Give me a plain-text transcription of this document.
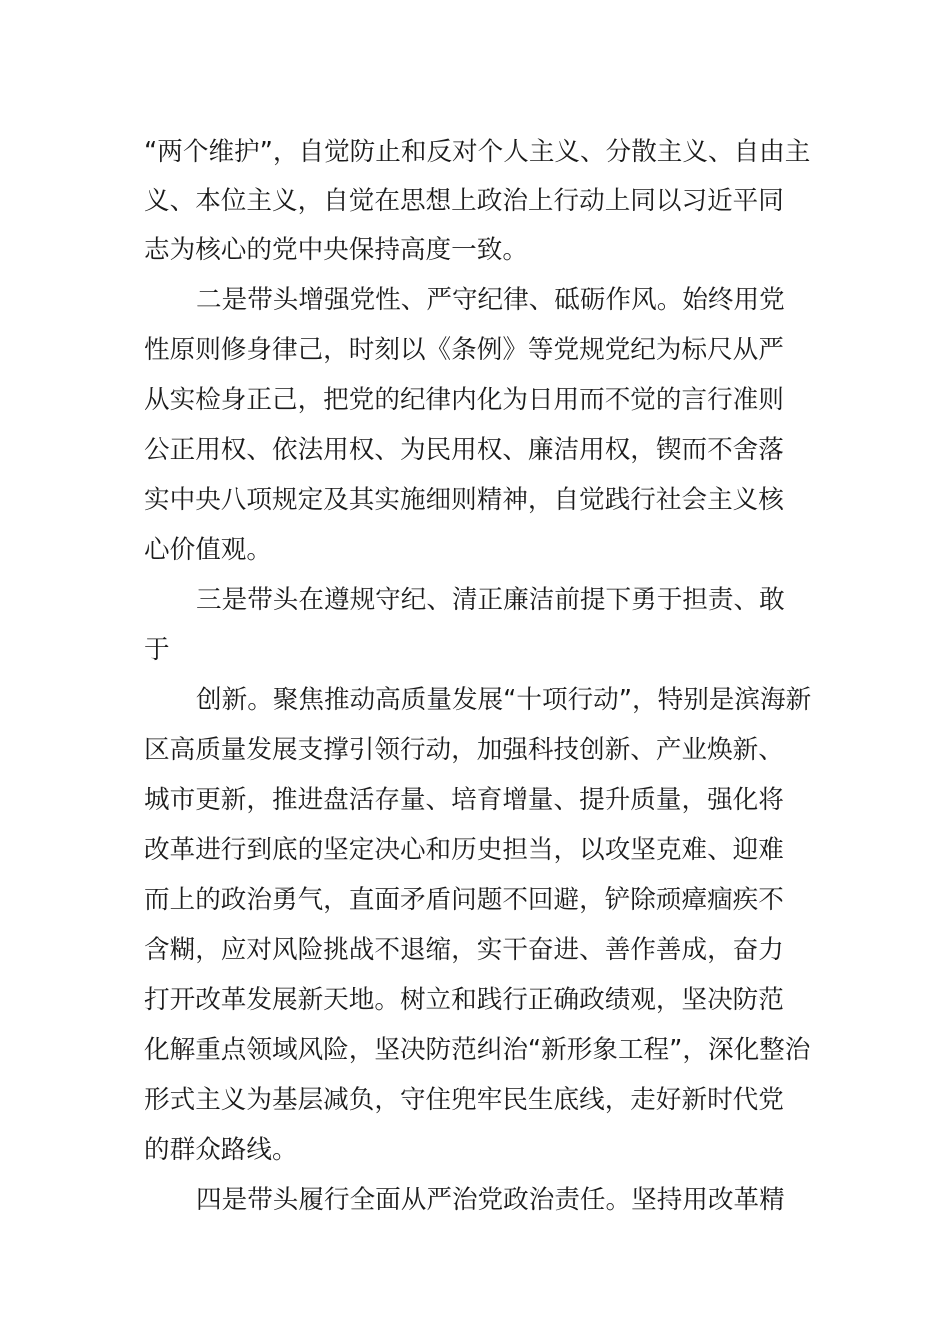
“两个维护”，自觉防止和反对个人主义、分散主义、自由主
义、本位主义，自觉在思想上政治上行动上同以习近平同
志为核心的党中央保持高度一致。
二是带头增强党性、严守纪律、砥砺作风。始终用党
性原则修身律己，时刻以《条例》等党规党纪为标尺从严
从实检身正己，把党的纪律内化为日用而不觉的言行准则
公正用权、依法用权、为民用权、廉洁用权，锲而不舍落
实中央八项规定及其实施细则精神，自觉践行社会主义核
心价值观。
三是带头在遵规守纪、清正廉洁前提下勇于担责、敢
于
创新。聚焦推动高质量发展“十项行动”，特别是滨海新
区高质量发展支撑引领行动，加强科技创新、产业焕新、
城市更新，推进盘活存量、培育增量、提升质量，强化将
改革进行到底的坚定决心和历史担当，以攻坚克难、迎难
而上的政治勇气，直面矛盾问题不回避，铲除顽瘴痼疾不
含糊，应对风险挑战不退缩，实干奋进、善作善成，奋力
打开改革发展新天地。树立和践行正确政绩观，坚决防范
化解重点领域风险，坚决防范纠治“新形象工程”，深化整治
形式主义为基层减负，守住兜牢民生底线，走好新时代党
的群众路线。
四是带头履行全面从严治党政治责任。坚持用改革精
